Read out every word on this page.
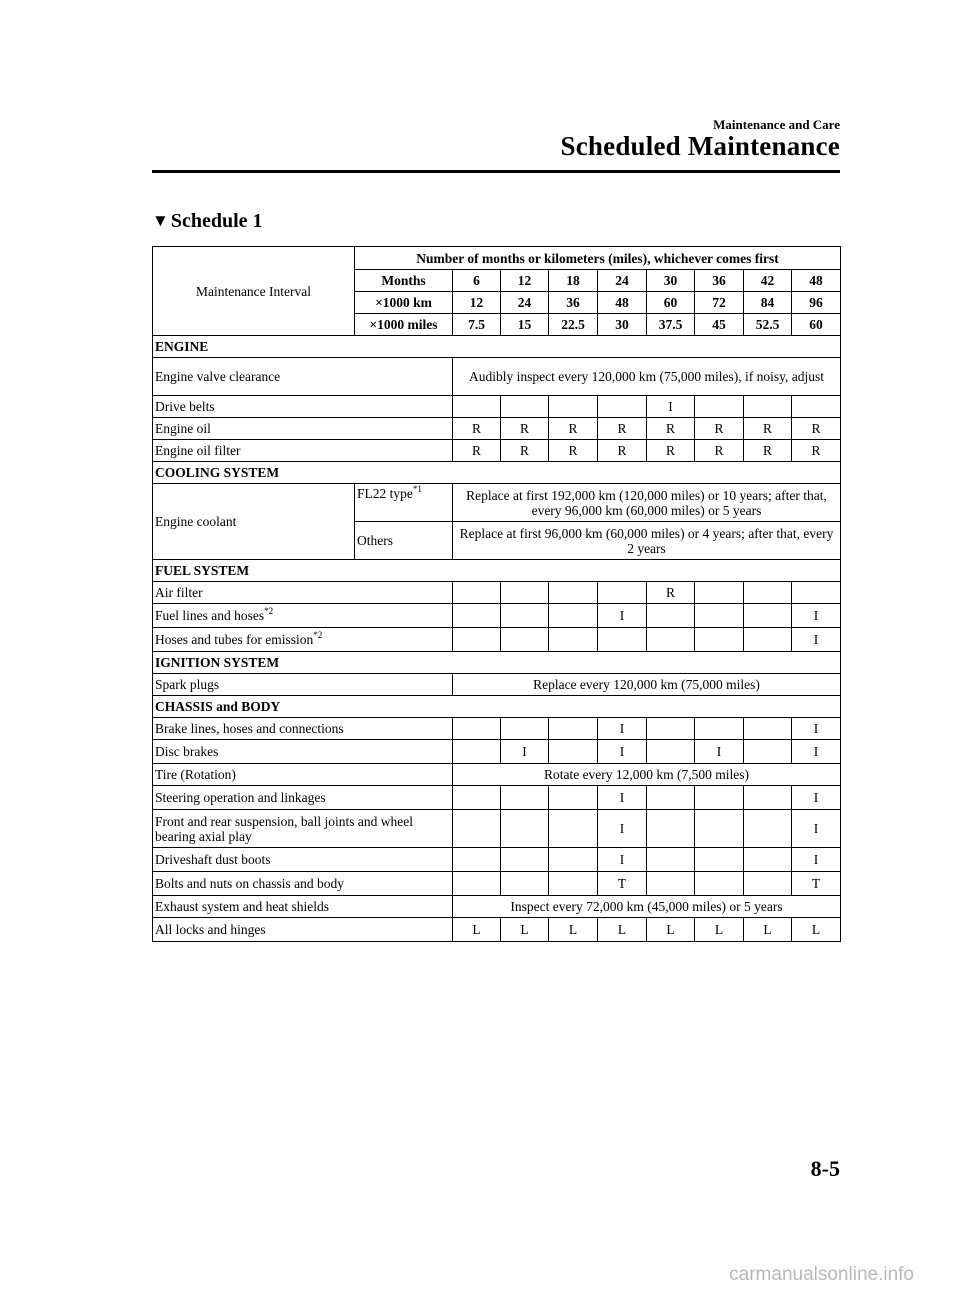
Maintenance and Care
Scheduled Maintenance
▼ Schedule 1
Maintenance Interval	Number of months or kilometers (miles), whichever comes first								
	Months	6	12	18	24	30	36	42	48
	×1000 km	12	24	36	48	60	72	84	96
	×1000 miles	7.5	15	22.5	30	37.5	45	52.5	60
ENGINE									
Engine valve clearance		Audibly inspect every 120,000 km (75,000 miles), if noisy, adjust							
Drive belts						I			
Engine oil		R	R	R	R	R	R	R	R
Engine oil filter		R	R	R	R	R	R	R	R
COOLING SYSTEM									
Engine coolant	FL22 type$^{*1}$	Replace at first 192,000 km (120,000 miles) or 10 years; after that, every 96,000 km (60,000 miles) or 5 years							
	Others	Replace at first 96,000 km (60,000 miles) or 4 years; after that, every 2 years							
FUEL SYSTEM									
Air filter						R			
Fuel lines and hoses$^{*2}$					I				I
Hoses and tubes for emission$^{*2}$									I
IGNITION SYSTEM									
Spark plugs		Replace every 120,000 km (75,000 miles)							
CHASSIS and BODY									
Brake lines, hoses and connections					I				I
Disc brakes			I		I		I		I
Tire (Rotation)		Rotate every 12,000 km (7,500 miles)							
Steering operation and linkages					I				I
Front and rear suspension, ball joints and wheel bearing axial play					I				I
Driveshaft dust boots					I				I
Bolts and nuts on chassis and body					T				T
Exhaust system and heat shields		Inspect every 72,000 km (45,000 miles) or 5 years							
All locks and hinges		L	L	L	L	L	L	L	L
8-5
carmanualsonline.info
